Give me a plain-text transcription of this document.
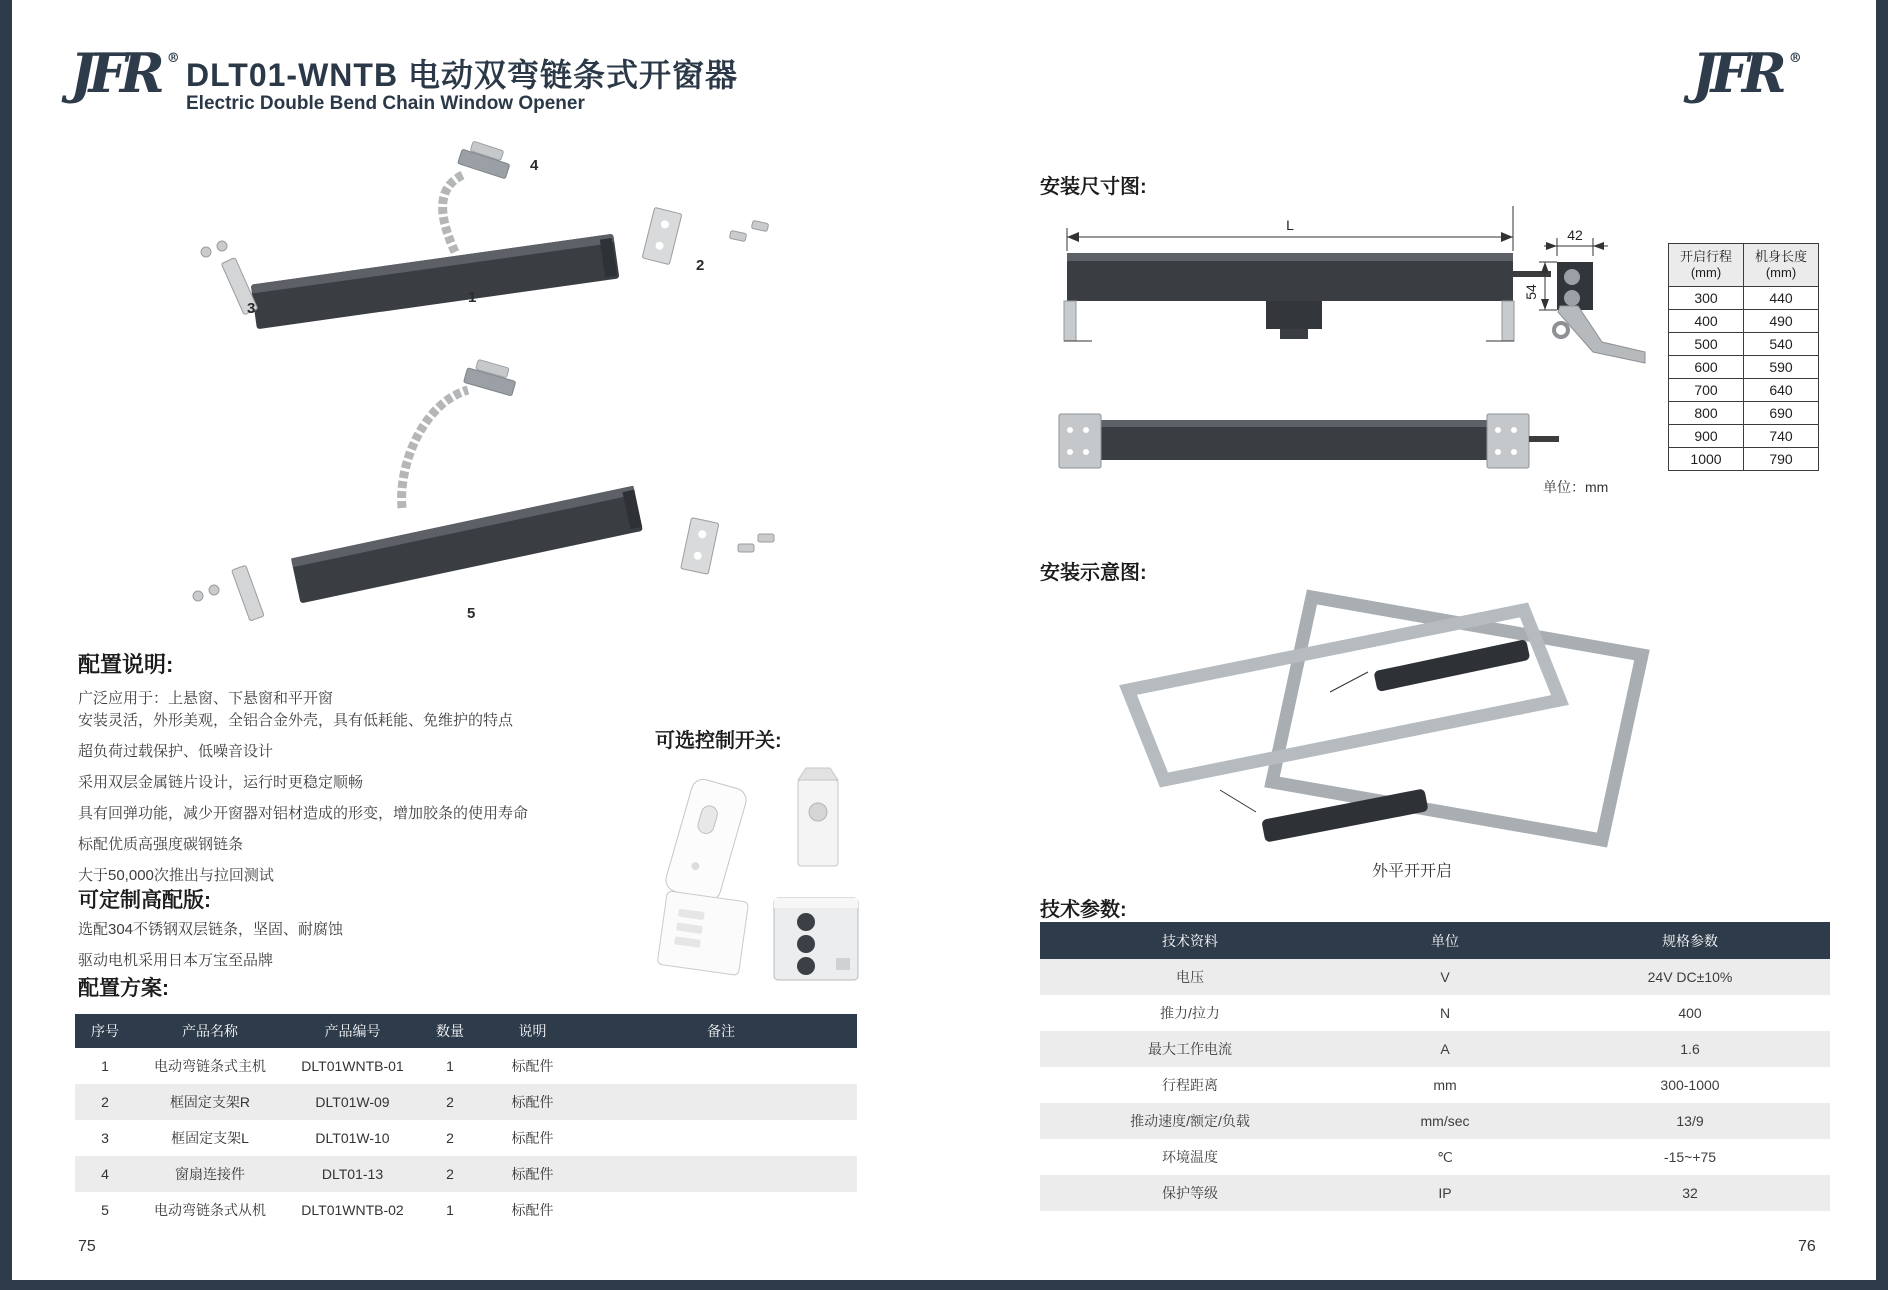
JFR ®	JFR ®
DLT01-WNTB 电动双弯链条式开窗器
Electric Double Bend Chain Window Opener
4
2
3
1
5
配置说明:

广泛应用于：上悬窗、下悬窗和平开窗

安装灵活，外形美观，全铝合金外壳，具有低耗能、免维护的特点

超负荷过载保护、低噪音设计

采用双层金属链片设计，运行时更稳定顺畅

具有回弹功能，减少开窗器对铝材造成的形变，增加胶条的使用寿命

标配优质高强度碳钢链条

大于50,000次推出与拉回测试

可定制高配版:

选配304不锈钢双层链条，坚固、耐腐蚀

驱动电机采用日本万宝至品牌

配置方案:
序号	产品名称	产品编号	数量	说明	备注
1	电动弯链条式主机	DLT01WNTB-01	1	标配件
2	框固定支架R	DLT01W-09	2	标配件
3	框固定支架L	DLT01W-10	2	标配件
4	窗扇连接件	DLT01-13	2	标配件
5	电动弯链条式从机	DLT01WNTB-02	1	标配件
可选控制开关:
安装尺寸图:
L
42
54
开启行程
(mm)

机身长度
(mm)

300	440
400	490
500	540
600	590
700	640
800	690
900	740
1000	790
单位：mm
安装示意图:
外平开开启
技术参数:
技术资料	单位	规格参数
电压	V	24V DC±10%
推力/拉力	N	400
最大工作电流	A	1.6
行程距离	mm	300-1000
推动速度/额定/负载	mm/sec	13/9
环境温度	℃	-15~+75
保护等级	IP	32
75	76
